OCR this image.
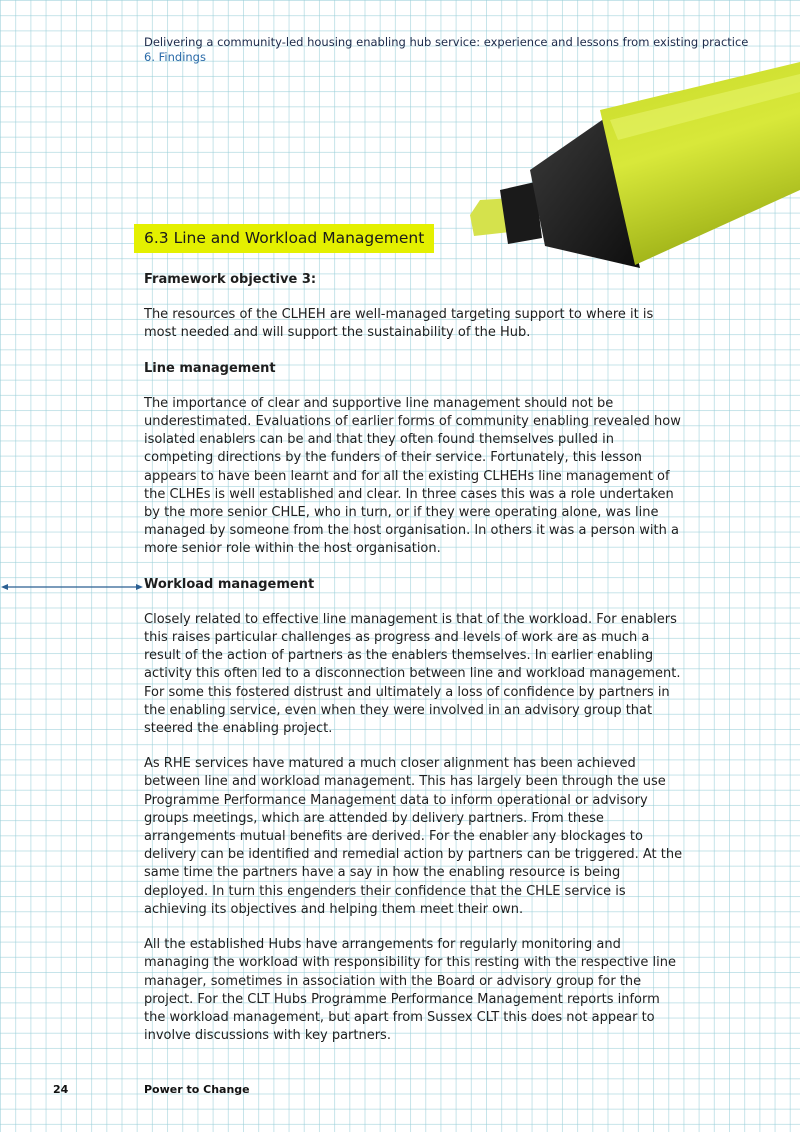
Delivering a community-led housing enabling hub service: experience and lessons from existing practice
6. Findings
6.3 Line and Workload Management

Framework objective 3:

The resources of the CLHEH are well-managed targeting support to where it is most needed and will support the sustainability of the Hub.

Line management

The importance of clear and supportive line management should not be underestimated. Evaluations of earlier forms of community enabling revealed how isolated enablers can be and that they often found themselves pulled in competing directions by the funders of their service. Fortunately, this lesson appears to have been learnt and for all the existing CLHEHs line management of the CLHEs is well established and clear. In three cases this was a role undertaken by the more senior CHLE, who in turn, or if they were operating alone, was line managed by someone from the host organisation. In others it was a person with a more senior role within the host organisation.

Workload management

Closely related to effective line management is that of the workload. For enablers this raises particular challenges as progress and levels of work are as much a result of the action of partners as the enablers themselves. In earlier enabling activity this often led to a disconnection between line and workload management. For some this fostered distrust and ultimately a loss of confidence by partners in the enabling service, even when they were involved in an advisory group that steered the enabling project.

As RHE services have matured a much closer alignment has been achieved between line and workload management. This has largely been through the use Programme Performance Management data to inform operational or advisory groups meetings, which are attended by delivery partners. From these arrangements mutual benefits are derived. For the enabler any blockages to delivery can be identified and remedial action by partners can be triggered. At the same time the partners have a say in how the enabling resource is being deployed. In turn this engenders their confidence that the CHLE service is achieving its objectives and helping them meet their own.

All the established Hubs have arrangements for regularly monitoring and managing the workload with responsibility for this resting with the respective line manager, sometimes in association with the Board or advisory group for the project. For the CLT Hubs Programme Performance Management reports inform the workload management, but apart from Sussex CLT this does not appear to involve discussions with key partners.

24	Power to Change
